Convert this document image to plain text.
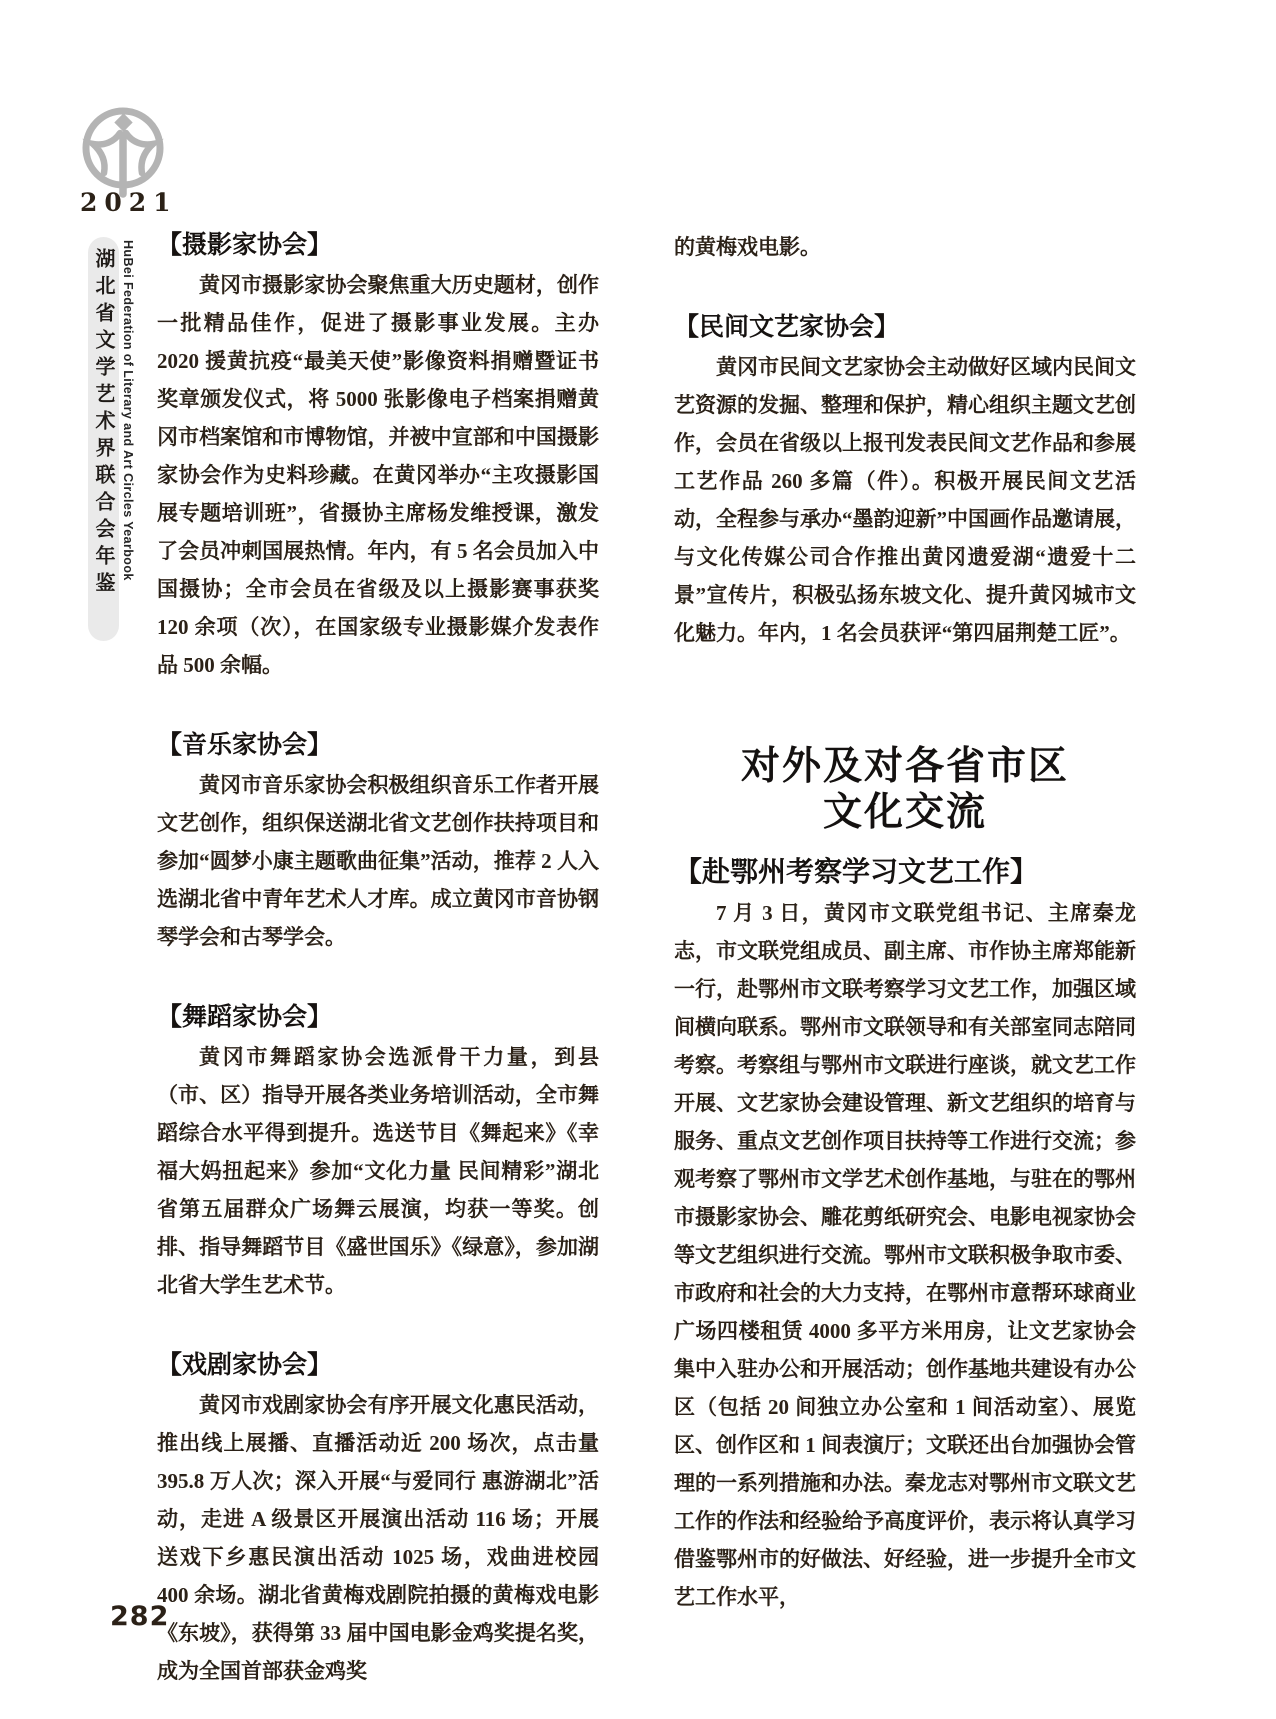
2021
湖北省文学艺术界联合会年鉴 HuBei Federation of Literary and Art Circles Yearbook 【摄影家协会】

黄冈市摄影家协会聚焦重大历史题材，创作一批精品佳作，促进了摄影事业发展。主办 2020 援黄抗疫“最美天使”影像资料捐赠暨证书奖章颁发仪式，将 5000 张影像电子档案捐赠黄冈市档案馆和市博物馆，并被中宣部和中国摄影家协会作为史料珍藏。在黄冈举办“主攻摄影国展专题培训班”，省摄协主席杨发维授课，激发了会员冲刺国展热情。年内，有 5 名会员加入中国摄协；全市会员在省级及以上摄影赛事获奖 120 余项（次），在国家级专业摄影媒介发表作品 500 余幅。

【音乐家协会】

黄冈市音乐家协会积极组织音乐工作者开展文艺创作，组织保送湖北省文艺创作扶持项目和参加“圆梦小康主题歌曲征集”活动，推荐 2 人入选湖北省中青年艺术人才库。成立黄冈市音协钢琴学会和古琴学会。

【舞蹈家协会】

黄冈市舞蹈家协会选派骨干力量，到县（市、区）指导开展各类业务培训活动，全市舞蹈综合水平得到提升。选送节目《舞起来》《幸福大妈扭起来》参加“文化力量 民间精彩”湖北省第五届群众广场舞云展演，均获一等奖。创排、指导舞蹈节目《盛世国乐》《绿意》，参加湖北省大学生艺术节。

【戏剧家协会】

黄冈市戏剧家协会有序开展文化惠民活动，推出线上展播、直播活动近 200 场次，点击量 395.8 万人次；深入开展“与爱同行 惠游湖北”活动，走进 A 级景区开展演出活动 116 场；开展送戏下乡惠民演出活动 1025 场，戏曲进校园 400 余场。湖北省黄梅戏剧院拍摄的黄梅戏电影《东坡》，获得第 33 届中国电影金鸡奖提名奖，成为全国首部获金鸡奖

的黄梅戏电影。

【民间文艺家协会】

黄冈市民间文艺家协会主动做好区域内民间文艺资源的发掘、整理和保护，精心组织主题文艺创作，会员在省级以上报刊发表民间文艺作品和参展工艺作品 260 多篇（件）。积极开展民间文艺活动，全程参与承办“墨韵迎新”中国画作品邀请展，与文化传媒公司合作推出黄冈遗爱湖“遗爱十二景”宣传片，积极弘扬东坡文化、提升黄冈城市文化魅力。年内，1 名会员获评“第四届荆楚工匠”。

对外及对各省市区
文化交流
【赴鄂州考察学习文艺工作】

7 月 3 日，黄冈市文联党组书记、主席秦龙志，市文联党组成员、副主席、市作协主席郑能新一行，赴鄂州市文联考察学习文艺工作，加强区域间横向联系。鄂州市文联领导和有关部室同志陪同考察。考察组与鄂州市文联进行座谈，就文艺工作开展、文艺家协会建设管理、新文艺组织的培育与服务、重点文艺创作项目扶持等工作进行交流；参观考察了鄂州市文学艺术创作基地，与驻在的鄂州市摄影家协会、雕花剪纸研究会、电影电视家协会等文艺组织进行交流。鄂州市文联积极争取市委、市政府和社会的大力支持，在鄂州市意帮环球商业广场四楼租赁 4000 多平方米用房，让文艺家协会集中入驻办公和开展活动；创作基地共建设有办公区（包括 20 间独立办公室和 1 间活动室）、展览区、创作区和 1 间表演厅；文联还出台加强协会管理的一系列措施和办法。秦龙志对鄂州市文联文艺工作的作法和经验给予高度评价，表示将认真学习借鉴鄂州市的好做法、好经验，进一步提升全市文艺工作水平，

282
